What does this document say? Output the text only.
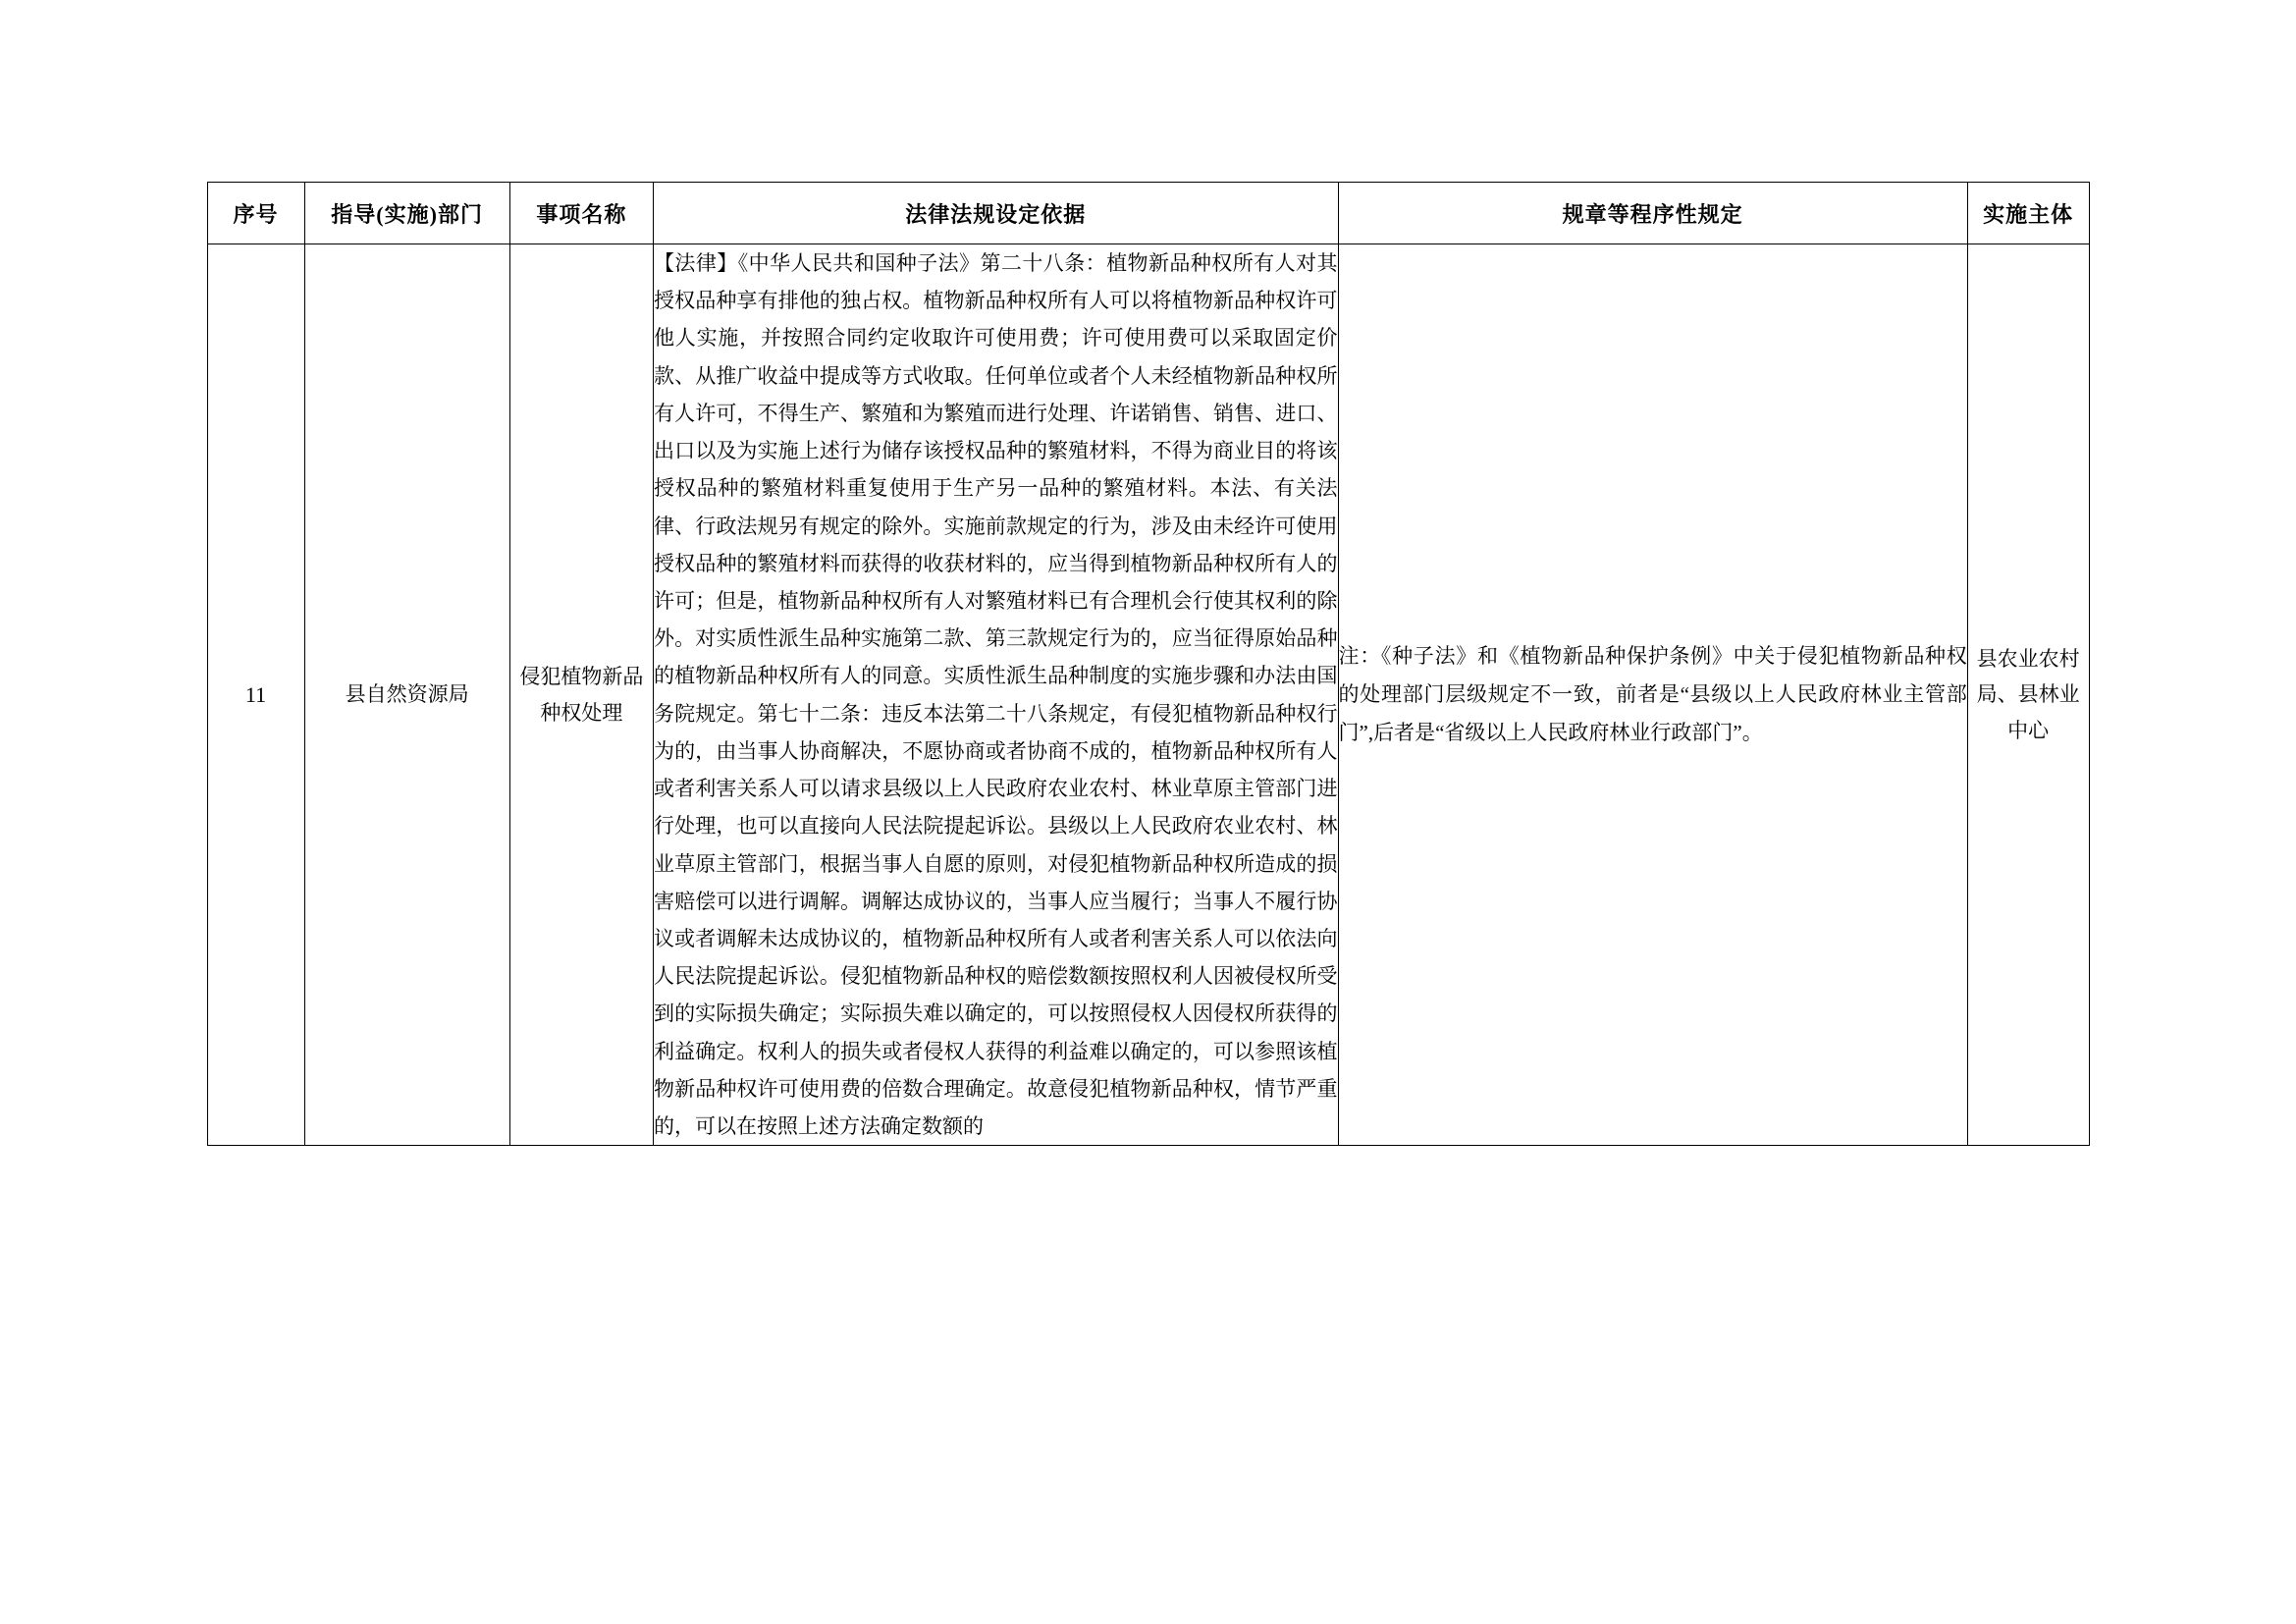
序号	指导(实施)部门	事项名称	法律法规设定依据	规章等程序性规定	实施主体
11	县自然资源局	侵犯植物新品种权处理	【法律】《中华人民共和国种子法》第二十八条：植物新品种权所有人对其授权品种享有排他的独占权。植物新品种权所有人可以将植物新品种权许可他人实施，并按照合同约定收取许可使用费；许可使用费可以采取固定价款、从推广收益中提成等方式收取。任何单位或者个人未经植物新品种权所有人许可，不得生产、繁殖和为繁殖而进行处理、许诺销售、销售、进口、出口以及为实施上述行为储存该授权品种的繁殖材料，不得为商业目的将该授权品种的繁殖材料重复使用于生产另一品种的繁殖材料。本法、有关法律、行政法规另有规定的除外。实施前款规定的行为，涉及由未经许可使用授权品种的繁殖材料而获得的收获材料的，应当得到植物新品种权所有人的许可；但是，植物新品种权所有人对繁殖材料已有合理机会行使其权利的除外。对实质性派生品种实施第二款、第三款规定行为的，应当征得原始品种的植物新品种权所有人的同意。实质性派生品种制度的实施步骤和办法由国务院规定。第七十二条：违反本法第二十八条规定，有侵犯植物新品种权行为的，由当事人协商解决，不愿协商或者协商不成的，植物新品种权所有人或者利害关系人可以请求县级以上人民政府农业农村、林业草原主管部门进行处理，也可以直接向人民法院提起诉讼。县级以上人民政府农业农村、林业草原主管部门，根据当事人自愿的原则，对侵犯植物新品种权所造成的损害赔偿可以进行调解。调解达成协议的，当事人应当履行；当事人不履行协议或者调解未达成协议的，植物新品种权所有人或者利害关系人可以依法向人民法院提起诉讼。侵犯植物新品种权的赔偿数额按照权利人因被侵权所受到的实际损失确定；实际损失难以确定的，可以按照侵权人因侵权所获得的利益确定。权利人的损失或者侵权人获得的利益难以确定的，可以参照该植物新品种权许可使用费的倍数合理确定。故意侵犯植物新品种权，情节严重的，可以在按照上述方法确定数额的	注：《种子法》和《植物新品种保护条例》中关于侵犯植物新品种权的处理部门层级规定不一致，前者是“县级以上人民政府林业主管部门”,后者是“省级以上人民政府林业行政部门”。	县农业农村局、县林业中心
